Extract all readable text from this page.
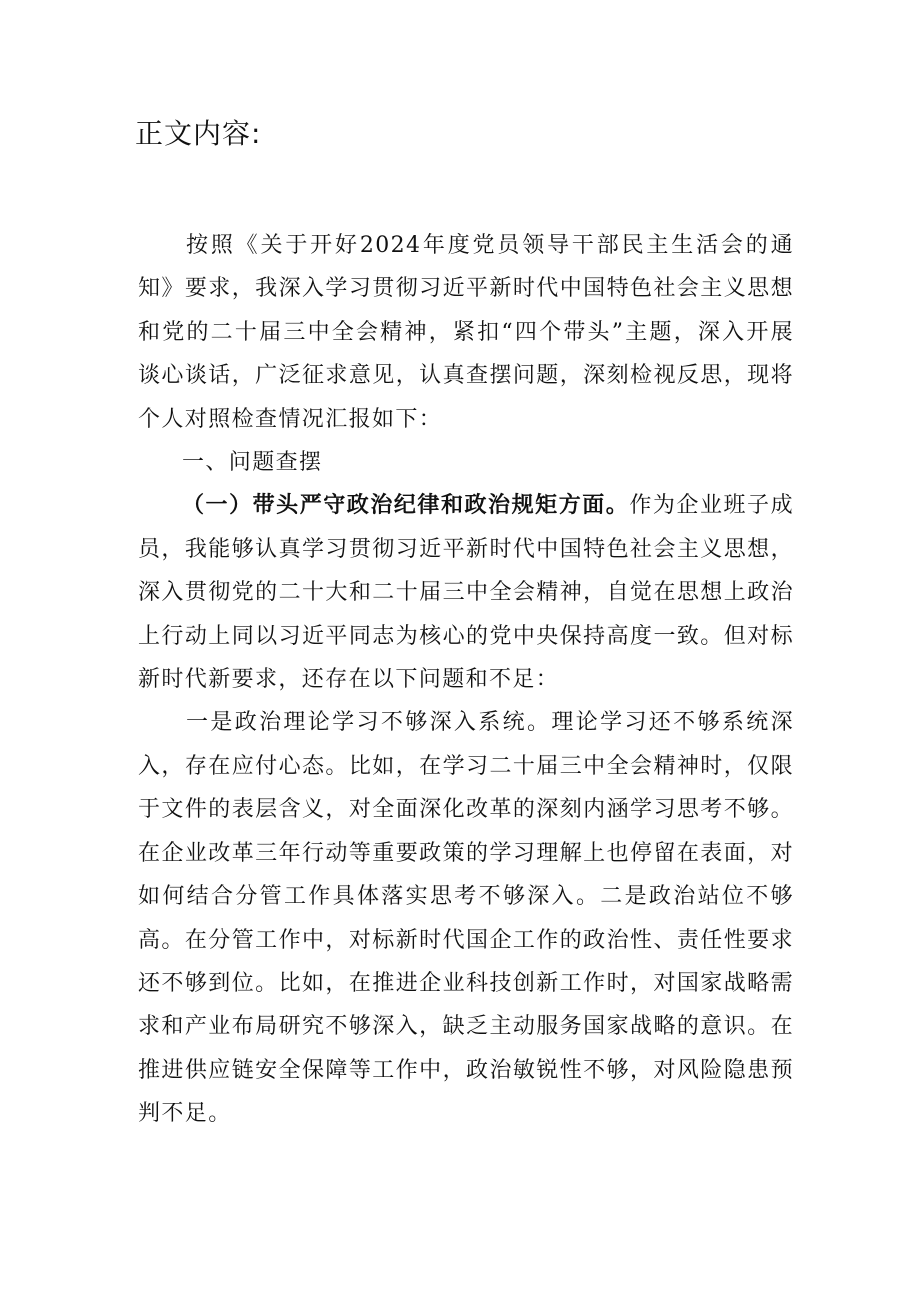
正文内容:

按照《关于开好2024年度党员领导干部民主生活会的通知》要求，我深入学习贯彻习近平新时代中国特色社会主义思想和党的二十届三中全会精神，紧扣“四个带头”主题，深入开展谈心谈话，广泛征求意见，认真查摆问题，深刻检视反思，现将个人对照检查情况汇报如下：

一、问题查摆

（一）带头严守政治纪律和政治规矩方面。作为企业班子成员，我能够认真学习贯彻习近平新时代中国特色社会主义思想，深入贯彻党的二十大和二十届三中全会精神，自觉在思想上政治上行动上同以习近平同志为核心的党中央保持高度一致。但对标新时代新要求，还存在以下问题和不足：

一是政治理论学习不够深入系统。理论学习还不够系统深入，存在应付心态。比如，在学习二十届三中全会精神时，仅限于文件的表层含义，对全面深化改革的深刻内涵学习思考不够。在企业改革三年行动等重要政策的学习理解上也停留在表面，对如何结合分管工作具体落实思考不够深入。二是政治站位不够高。在分管工作中，对标新时代国企工作的政治性、责任性要求还不够到位。比如，在推进企业科技创新工作时，对国家战略需求和产业布局研究不够深入，缺乏主动服务国家战略的意识。在推进供应链安全保障等工作中，政治敏锐性不够，对风险隐患预判不足。
